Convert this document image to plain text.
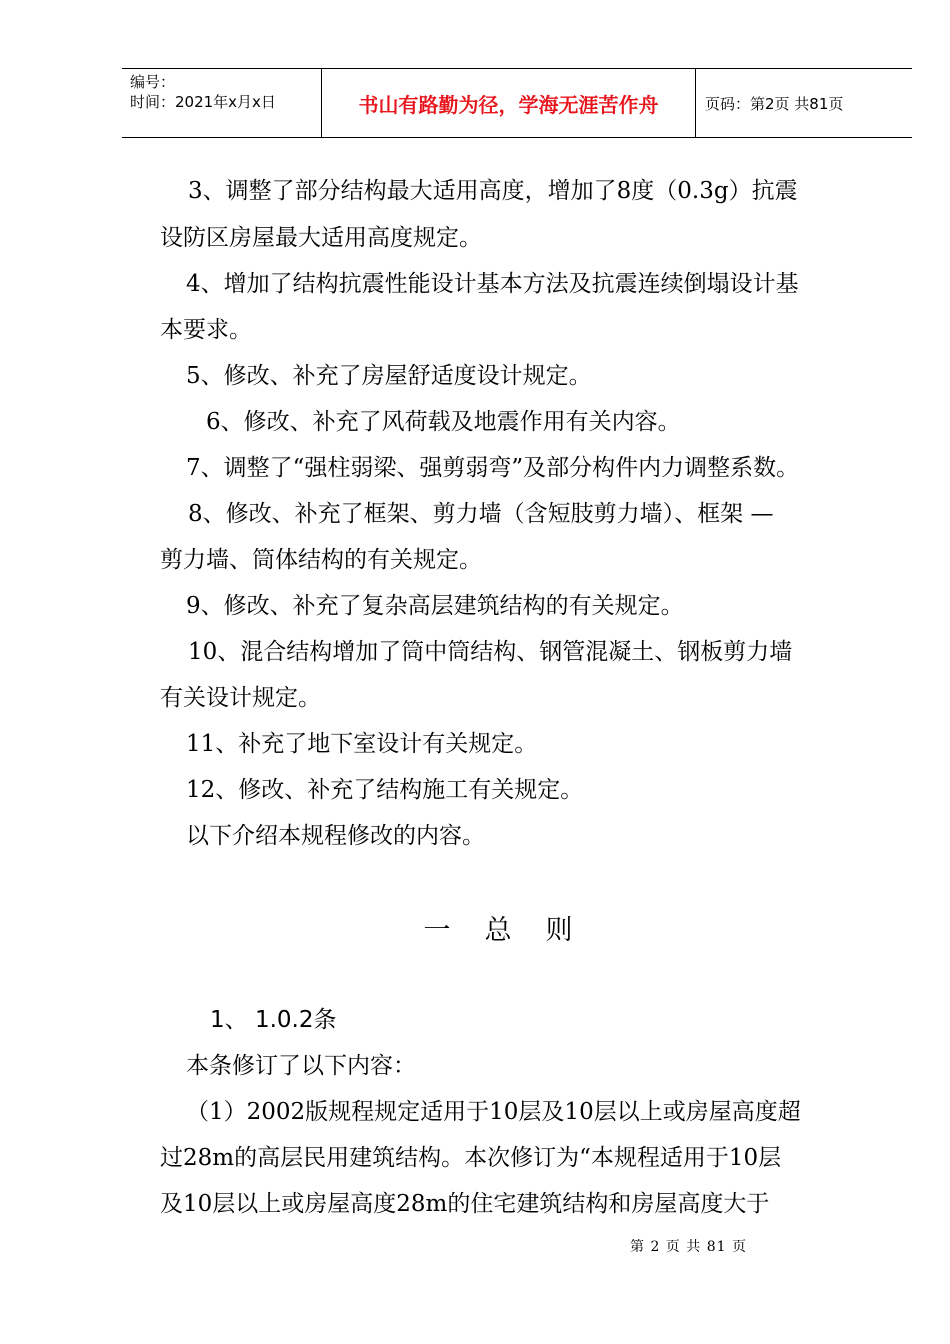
编号：
时间：2021年x月x日	书山有路勤为径，学海无涯苦作舟	页码：第2页 共81页
3、调整了部分结构最大适用高度，增加了8度（0.3g）抗震
设防区房屋最大适用高度规定。
4、增加了结构抗震性能设计基本方法及抗震连续倒塌设计基
本要求。
5、修改、补充了房屋舒适度设计规定。
6、修改、补充了风荷载及地震作用有关内容。
7、调整了“强柱弱梁、强剪弱弯”及部分构件内力调整系数。
8、修改、补充了框架、剪力墙（含短肢剪力墙）、框架 —
剪力墙、筒体结构的有关规定。
9、修改、补充了复杂高层建筑结构的有关规定。
10、混合结构增加了筒中筒结构、钢管混凝土、钢板剪力墙
有关设计规定。
11、补充了地下室设计有关规定。
12、修改、补充了结构施工有关规定。
以下介绍本规程修改的内容。
一总则
1、 1.0.2条
本条修订了以下内容：
（1）2002版规程规定适用于10层及10层以上或房屋高度超
过28m的高层民用建筑结构。本次修订为“本规程适用于10层
及10层以上或房屋高度28m的住宅建筑结构和房屋高度大于
第 2 页 共 81 页
